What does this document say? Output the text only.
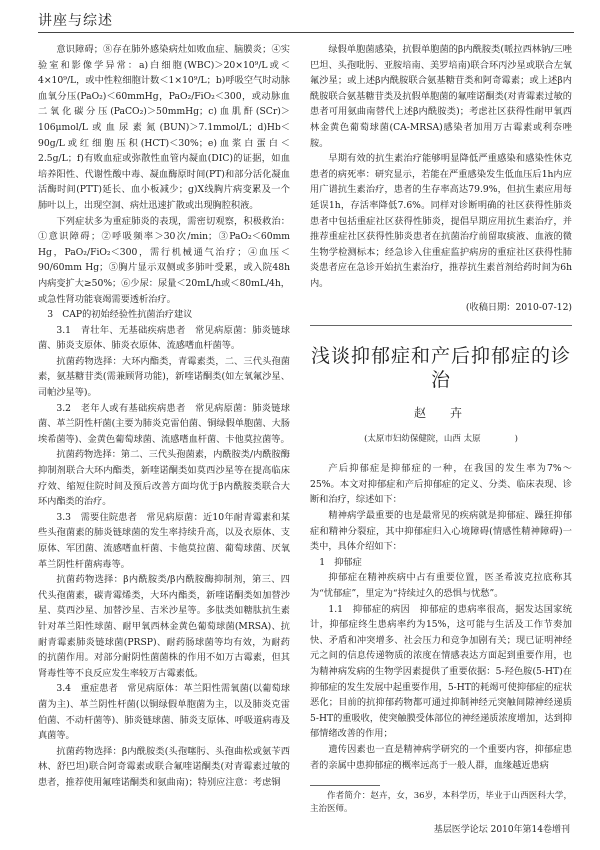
讲座与综述

意识障碍；⑧存在肺外感染病灶如败血症、脑膜炎；④实验室和影像学异常：a)白细胞(WBC)＞20×10⁹/L或＜4×10⁹/L，或中性粒细胞计数＜1×10⁹/L；b)呼吸空气时动脉血氧分压(PaO₂)＜60mmHg，PaO₂/FiO₂＜300，或动脉血二氧化碳分压(PaCO₂)＞50mmHg；c)血肌酐(SCr)＞106μmol/L或血尿素氮(BUN)＞7.1mmol/L；d)Hb＜90g/L或红细胞压积(HCT)＜30%；e)血浆白蛋白＜2.5g/L；f)有败血症或弥散性血管内凝血(DIC)的证据，如血培养阳性、代谢性酸中毒、凝血酶原时间(PT)和部分活化凝血活酶时间(PTT)延长、血小板减少；g)X线胸片病变累及一个肺叶以上，出现空洞、病灶迅速扩散或出现胸腔积液。

下列症状多为重症肺炎的表现，需密切观察，积极救治：①意识障碍；②呼吸频率＞30次/min；③PaO₂＜60mm Hg，PaO₂/FiO₂＜300，需行机械通气治疗；④血压＜90/60mm Hg；⑤胸片显示双侧或多肺叶受累，或入院48h内病变扩大≥50%；⑥少尿：尿量＜20mL/h或＜80mL/4h，或急性肾功能衰竭需要透析治疗。

3　CAP的初始经验性抗菌治疗建议

3.1　青壮年、无基础疾病患者　常见病原菌：肺炎链球菌、肺炎支原体、肺炎衣原体、流感嗜血杆菌等。

抗菌药物选择：大环内酯类，青霉素类，二、三代头孢菌素，氨基糖苷类(需兼顾肾功能)，新喹诺酮类(如左氧氟沙星、司帕沙星等)。

3.2　老年人或有基础疾病患者　常见病原菌：肺炎链球菌、革兰阴性杆菌(主要为肺炎克雷伯菌、铜绿假单胞菌、大肠埃希菌等)、金黄色葡萄球菌、流感嗜血杆菌、卡他莫拉菌等。

抗菌药物选择：第二、三代头孢菌素，内酰胺类/内酰胺酶抑制剂联合大环内酯类，新喹诺酮类如莫西沙星等在提高临床疗效、缩短住院时间及预后改善方面均优于β内酰胺类联合大环内酯类的治疗。

3.3　需要住院患者　常见病原菌：近10年耐青霉素和某些头孢菌素的肺炎链球菌的发生率持续升高，以及衣原体、支原体、军团菌、流感嗜血杆菌、卡他莫拉菌、葡萄球菌、厌氧革兰阴性杆菌病毒等。

抗菌药物选择：β内酰胺类/β内酰胺酶抑制剂，第三、四代头孢菌素，碳青霉烯类，大环内酯类，新喹诺酮类如加替沙星、莫西沙星、加替沙星、吉米沙星等。多肽类如糖肽抗生素针对革兰阳性球菌、耐甲氧西林金黄色葡萄球菌(MRSA)、抗耐青霉素肺炎链球菌(PRSP)、耐药肠球菌等均有效，为耐药的抗菌作用。对部分耐阴性菌菌株的作用不如万古霉素，但其肾毒性等不良反应发生率较万古霉素低。

3.4　重症患者　常见病原体：革兰阳性需氧菌(以葡萄球菌为主)、革兰阴性杆菌(以铜绿假单胞菌为主，以及肺炎克雷伯菌、不动杆菌等)、肺炎链球菌、肺炎支原体、呼吸道病毒及真菌等。

抗菌药物选择：β内酰胺类(头孢噻肟、头孢曲松或氨苄西林、舒巴坦)联合阿奇霉素或联合氟喹诺酮类(对青霉素过敏的患者，推荐使用氟喹诺酮类和氨曲南)；特别应注意：考虑铜

绿假单胞菌感染，抗假单胞菌的β内酰胺类(哌拉西林钠/三唑巴坦、头孢吡肟、亚胺培南、美罗培南)联合环丙沙星或联合左氧氟沙星；或上述β内酰胺联合氨基糖苷类和阿奇霉素；或上述β内酰胺联合氨基糖苷类及抗假单胞菌的氟喹诺酮类(对青霉素过敏的患者可用氨曲南替代上述β内酰胺类)；考虑社区获得性耐甲氧西林金黄色葡萄球菌(CA-MRSA)感染者加用万古霉素或利奈唑胺。

早期有效的抗生素治疗能够明显降低严重感染和感染性休克患者的病死率：研究显示，若能在严重感染发生低血压后1h内应用广谱抗生素治疗，患者的生存率高达79.9%，但抗生素应用每延误1h，存活率降低7.6%。同样对诊断明确的社区获得性肺炎患者中包括重症社区获得性肺炎，提倡早期应用抗生素治疗，并推荐重症社区获得性肺炎患者在抗菌治疗前留取痰液、血液的微生物学检测标本；经急诊入住重症监护病房的重症社区获得性肺炎患者应在急诊开始抗生素治疗，推荐抗生素首剂给药时间为6h内。

(收稿日期：2010-07-12)

浅谈抑郁症和产后抑郁症的诊治
赵　卉
(太原市妇幼保健院，山西 太原　　　　)

产后抑郁症是抑郁症的一种，在我国的发生率为7%～25%。本文对抑郁症和产后抑郁症的定义、分类、临床表现、诊断和治疗，综述如下：

精神病学最重要的也是最常见的疾病就是抑郁症、躁狂抑郁症和精神分裂症，其中抑郁症归入心境障碍(情感性精神障碍)一类中，具体介绍如下：

1　抑郁症

抑郁症在精神疾病中占有重要位置，医圣希波克拉底称其为“忧郁症”，里定为“持续过久的恐惧与忧愁”。

1.1　抑郁症的病因　抑郁症的患病率很高，据发达国家统计，抑郁症终生患病率约为15%，这可能与生活及工作节奏加快、矛盾和冲突增多、社会压力和竞争加剧有关；现已证明神经元之间的信息传递物质的浓度在情感表达方面起到重要作用，也为精神病发病的生物学因素提供了重要依据：5-羟色胺(5-HT)在抑郁症的发生发展中起重要作用，5-HT的耗竭可使抑郁症的症状恶化；目前的抗抑郁药物都可通过抑制神经元突触间隙神经递质5-HT的重吸收，使突触膜受体部位的神经递质浓度增加，达到抑郁情绪改善的作用；

遗传因素也一直是精神病学研究的一个重要内容，抑郁症患者的亲属中患抑郁症的概率远高于一般人群，血缘越近患病

作者简介：赵卉，女，36岁，本科学历，毕业于山西医科大学，主治医师。
基层医学论坛 2010年第14卷增刊
